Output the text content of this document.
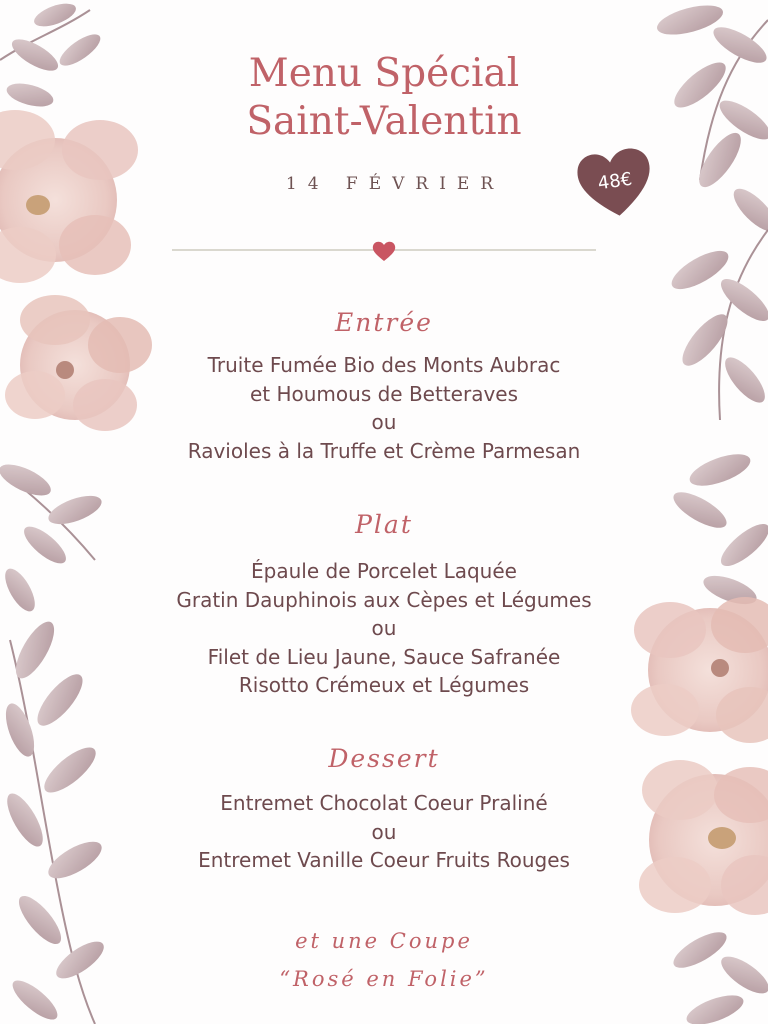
Menu Spécial
Saint-Valentin
14 FÉVRIER	48€
Entrée
Truite Fumée Bio des Monts Aubrac
et Houmous de Betteraves
ou
Ravioles à la Truffe et Crème Parmesan
Plat
Épaule de Porcelet Laquée
Gratin Dauphinois aux Cèpes et Légumes
ou
Filet de Lieu Jaune, Sauce Safranée
Risotto Crémeux et Légumes
Dessert
Entremet Chocolat Coeur Praliné
ou
Entremet Vanille Coeur Fruits Rouges
et une Coupe
“Rosé en Folie”
